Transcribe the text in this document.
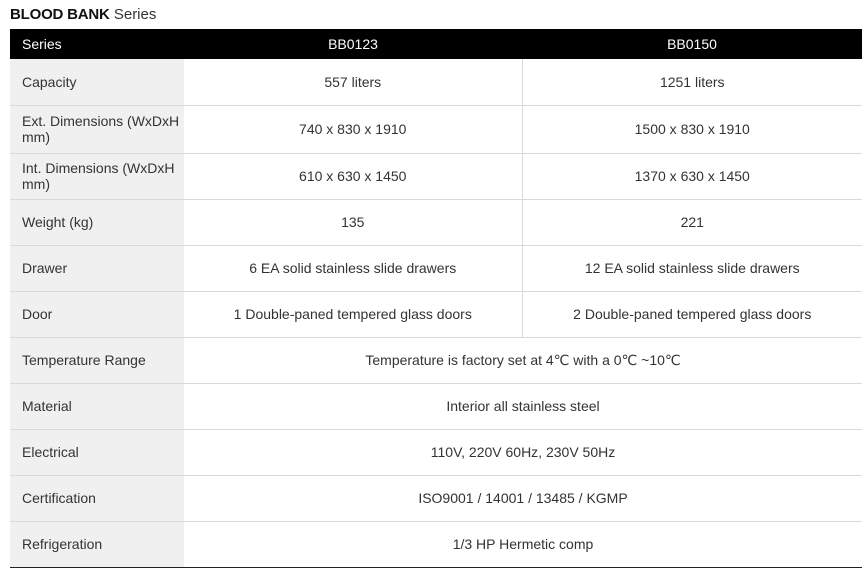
BLOOD BANK Series
Series	BB0123	BB0150
Capacity	557 liters	1251 liters
Ext. Dimensions (WxDxH mm)	740 x 830 x 1910	1500 x 830 x 1910
Int. Dimensions (WxDxH mm)	610 x 630 x 1450	1370 x 630 x 1450
Weight (kg)	135	221
Drawer	6 EA solid stainless slide drawers	12 EA solid stainless slide drawers
Door	1 Double-paned tempered glass doors	2 Double-paned tempered glass doors
Temperature Range	Temperature is factory set at 4℃ with a 0℃ ~10℃	
Material	Interior all stainless steel	
Electrical	110V, 220V 60Hz, 230V 50Hz	
Certification	ISO9001 / 14001 / 13485 / KGMP	
Refrigeration	1/3 HP Hermetic comp	
